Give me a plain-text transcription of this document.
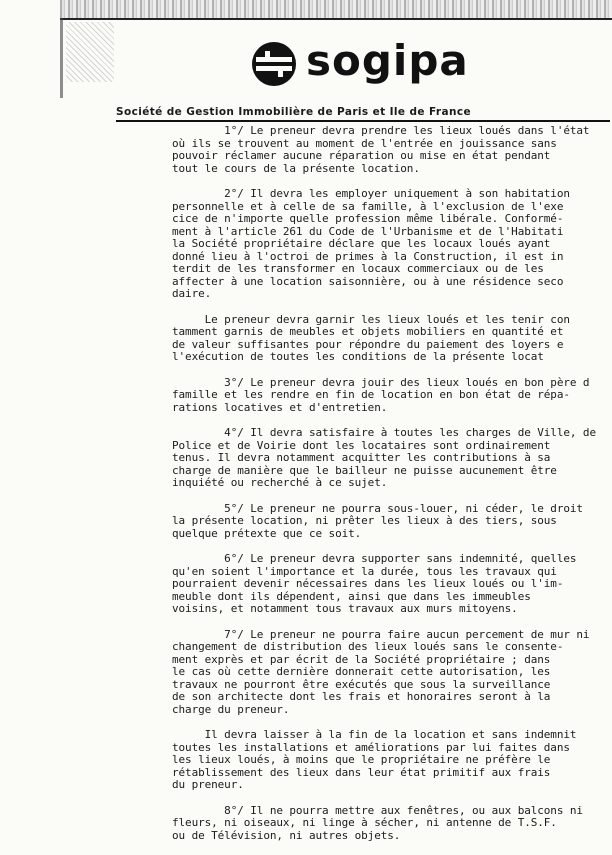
sogipa
Société de Gestion Immobilière de Paris et Ile de France
1°/ Le preneur devra prendre les lieux loués dans l'état
où ils se trouvent au moment de l'entrée en jouissance sans
pouvoir réclamer aucune réparation ou mise en état pendant
tout le cours de la présente location.
2°/ Il devra les employer uniquement à son habitation
personnelle et à celle de sa famille, à l'exclusion de l'exe
cice de n'importe quelle profession même libérale. Conformé-
ment à l'article 261 du Code de l'Urbanisme et de l'Habitati
la Société propriétaire déclare que les locaux loués ayant
donné lieu à l'octroi de primes à la Construction, il est in
terdit de les transformer en locaux commerciaux ou de les
affecter à une location saisonnière, ou à une résidence seco
daire.
Le preneur devra garnir les lieux loués et les tenir con
tamment garnis de meubles et objets mobiliers en quantité et
de valeur suffisantes pour répondre du paiement des loyers e
l'exécution de toutes les conditions de la présente locat
3°/ Le preneur devra jouir des lieux loués en bon père d
famille et les rendre en fin de location en bon état de répa-
rations locatives et d'entretien.
4°/ Il devra satisfaire à toutes les charges de Ville, de
Police et de Voirie dont les locataires sont ordinairement
tenus. Il devra notamment acquitter les contributions à sa
charge de manière que le bailleur ne puisse aucunement être
inquiété ou recherché à ce sujet.
5°/ Le preneur ne pourra sous-louer, ni céder, le droit
la présente location, ni prêter les lieux à des tiers, sous
quelque prétexte que ce soit.
6°/ Le preneur devra supporter sans indemnité, quelles
qu'en soient l'importance et la durée, tous les travaux qui
pourraient devenir nécessaires dans les lieux loués ou l'im-
meuble dont ils dépendent, ainsi que dans les immeubles
voisins, et notamment tous travaux aux murs mitoyens.
7°/ Le preneur ne pourra faire aucun percement de mur ni
changement de distribution des lieux loués sans le consente-
ment exprès et par écrit de la Société propriétaire ; dans
le cas où cette dernière donnerait cette autorisation, les
travaux ne pourront être exécutés que sous la surveillance
de son architecte dont les frais et honoraires seront à la
charge du preneur.
Il devra laisser à la fin de la location et sans indemnit
toutes les installations et améliorations par lui faites dans
les lieux loués, à moins que le propriétaire ne préfère le
rétablissement des lieux dans leur état primitif aux frais
du preneur.
8°/ Il ne pourra mettre aux fenêtres, ou aux balcons ni
fleurs, ni oiseaux, ni linge à sécher, ni antenne de T.S.F.
ou de Télévision, ni autres objets.
